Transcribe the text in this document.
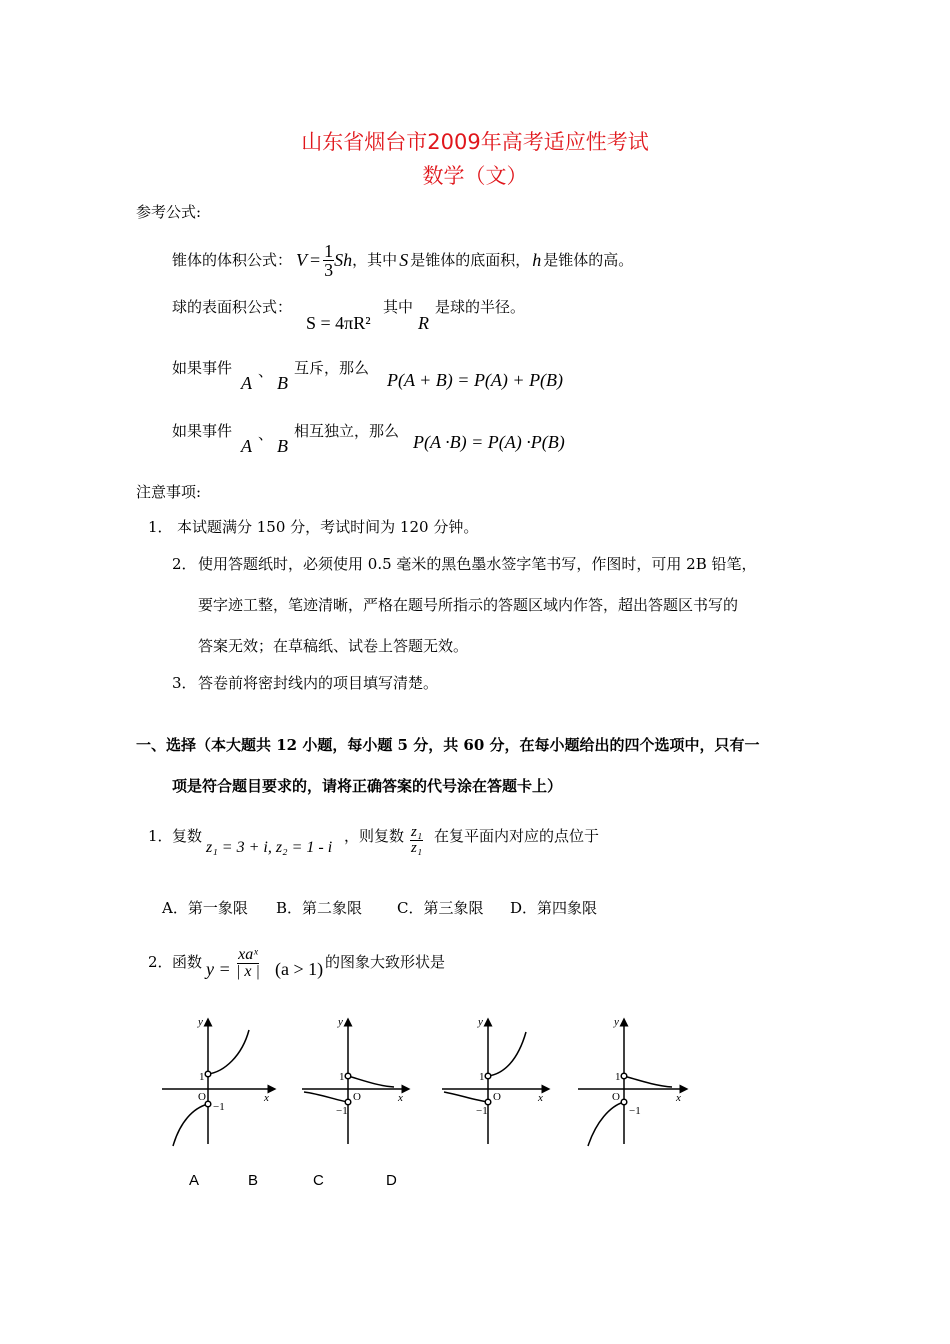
山东省烟台市2009年高考适应性考试
数学（文）
参考公式:
锥体的体积公式： $V = \frac{1}{3}$ Sh ，其中 S 是锥体的底面积， h 是锥体的高。
球的表面积公式：
S = 4πR²
其中
R
是球的半径。
如果事件
A
、
B
互斥，那么
P(A + B) = P(A) + P(B)
如果事件
A
、
B
相互独立，那么
P(A ·B) = P(A) ·P(B)
注意事项:
1． 本试题满分 150 分，考试时间为 120 分钟。
2． 使用答题纸时，必须使用 0.5 毫米的黑色墨水签字笔书写，作图时，可用 2B 铅笔，
要字迹工整，笔迹清晰，严格在题号所指示的答题区域内作答，超出答题区书写的
答案无效；在草稿纸、试卷上答题无效。
3． 答卷前将密封线内的项目填写清楚。
一、选择（本大题共 12 小题，每小题 5 分，共 60 分，在每小题给出的四个选项中，只有一
项是符合题目要求的，请将正确答案的代号涂在答题卡上）
1． 复数
z₁ = 3 + i, z₂ = 1 - i
，则复数 $\frac{\text{z₁}}{\text{z₁}}$ 在复平面内对应的点位于
A．第一象限 B．第二象限 C．第三象限 D．第四象限
2． 函数 y =
xaˣ
| x | (a > 1) 的图象大致形状是
y
x
1
O
−1
y
x
1
O
−1
y
x
1
O
−1
y
x
1
O
−1
A	B	C	D
